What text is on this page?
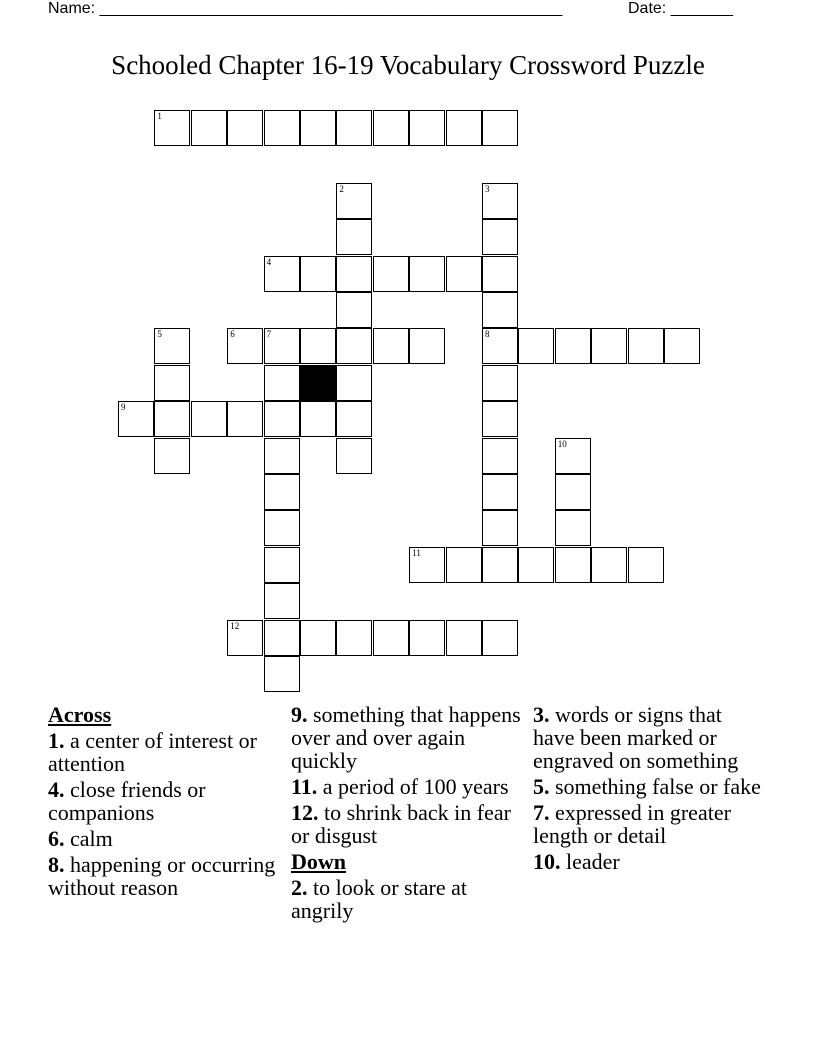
Name: ____________________________________________________	Date: _______
Schooled Chapter 16-19 Vocabulary Crossword Puzzle
1
2	3
8
4
5	6	7
9
10
11
12
Across
1. a center of interest or attention
4. close friends or companions
6. calm
8. happening or occurring without reason
9. something that happens over and over again quickly
11. a period of 100 years
12. to shrink back in fear or disgust
Down
2. to look or stare at angrily
3. words or signs that have been marked or engraved on something
5. something false or fake
7. expressed in greater length or detail
10. leader
